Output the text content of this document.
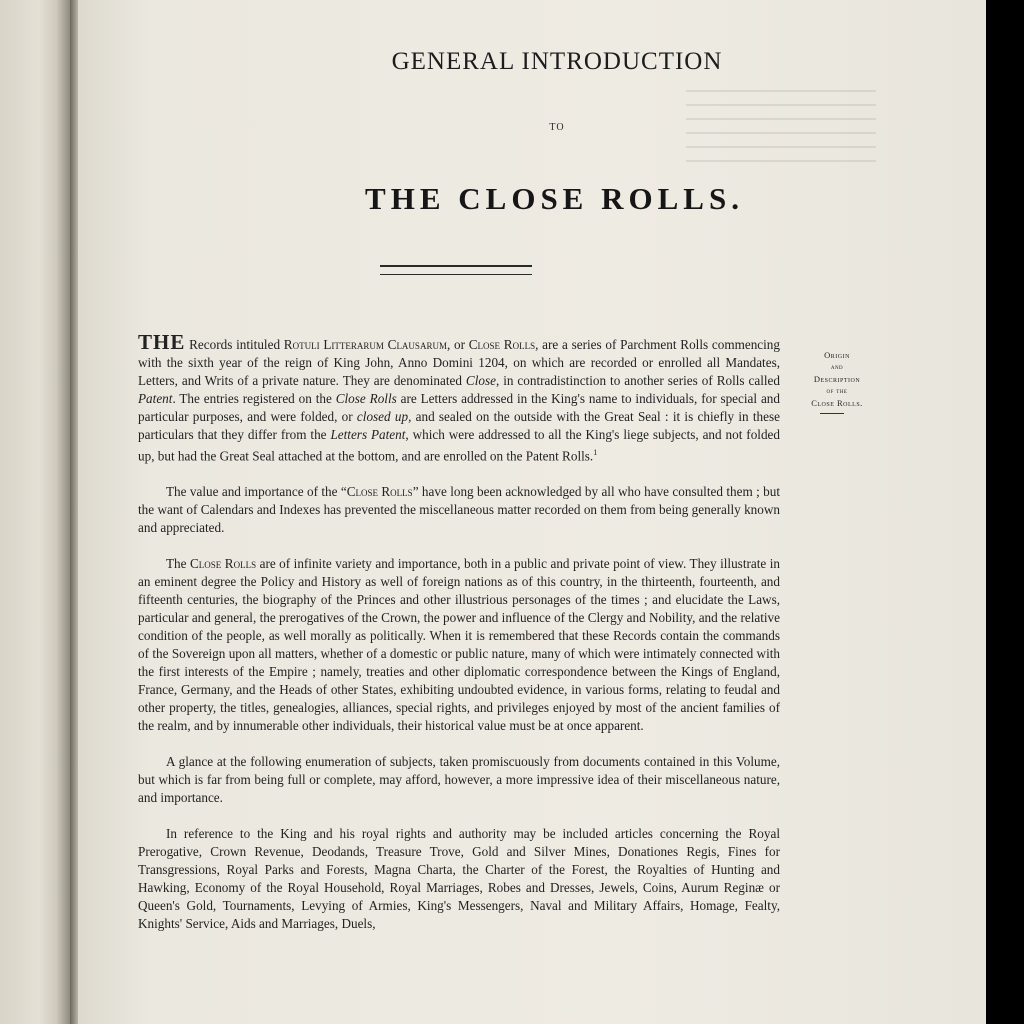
GENERAL INTRODUCTION
TO
THE CLOSE ROLLS.
Origin
and
Description
of the
Close Rolls.

THE Records intituled Rotuli Litterarum Clausarum, or Close Rolls, are a series of Parchment Rolls commencing with the sixth year of the reign of King John, Anno Domini 1204, on which are recorded or enrolled all Mandates, Letters, and Writs of a private nature. They are denominated Close, in contradistinction to another series of Rolls called Patent. The entries registered on the Close Rolls are Letters addressed in the King's name to individuals, for special and particular purposes, and were folded, or closed up, and sealed on the outside with the Great Seal : it is chiefly in these particulars that they differ from the Letters Patent, which were addressed to all the King's liege subjects, and not folded up, but had the Great Seal attached at the bottom, and are enrolled on the Patent Rolls.$^1$

The value and importance of the “Close Rolls” have long been acknowledged by all who have consulted them ; but the want of Calendars and Indexes has prevented the miscellaneous matter recorded on them from being generally known and appreciated.

The Close Rolls are of infinite variety and importance, both in a public and private point of view. They illustrate in an eminent degree the Policy and History as well of foreign nations as of this country, in the thirteenth, fourteenth, and fifteenth centuries, the biography of the Princes and other illustrious personages of the times ; and elucidate the Laws, particular and general, the prerogatives of the Crown, the power and influence of the Clergy and Nobility, and the relative condition of the people, as well morally as politically. When it is remembered that these Records contain the commands of the Sovereign upon all matters, whether of a domestic or public nature, many of which were intimately connected with the first interests of the Empire ; namely, treaties and other diplomatic correspondence between the Kings of England, France, Germany, and the Heads of other States, exhibiting undoubted evidence, in various forms, relating to feudal and other property, the titles, genealogies, alliances, special rights, and privileges enjoyed by most of the ancient families of the realm, and by innumerable other individuals, their historical value must be at once apparent.

A glance at the following enumeration of subjects, taken promiscuously from documents contained in this Volume, but which is far from being full or complete, may afford, however, a more impressive idea of their miscellaneous nature, and importance.

In reference to the King and his royal rights and authority may be included articles concerning the Royal Prerogative, Crown Revenue, Deodands, Treasure Trove, Gold and Silver Mines, Donationes Regis, Fines for Transgressions, Royal Parks and Forests, Magna Charta, the Charter of the Forest, the Royalties of Hunting and Hawking, Economy of the Royal Household, Royal Marriages, Robes and Dresses, Jewels, Coins, Aurum Reginæ or Queen's Gold, Tournaments, Levying of Armies, King's Messengers, Naval and Military Affairs, Homage, Fealty, Knights' Service, Aids and Marriages, Duels,
